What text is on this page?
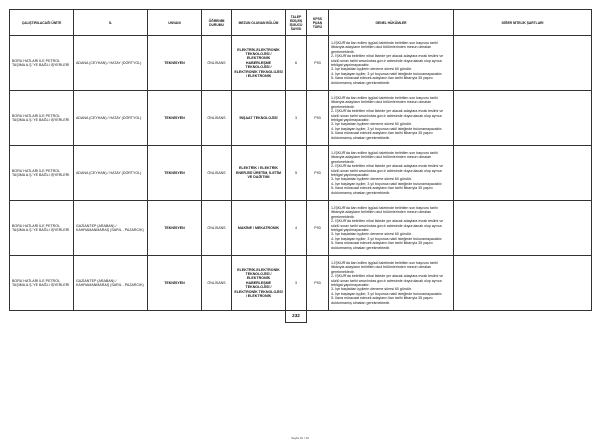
ÇALIŞTIRILACAĞI ÜNİTE	İL	UNVANI	ÖĞRENİM DURUMU	MEZUN OLUNAN BÖLÜM	TALEP EDİLEN İŞGÜCÜ SAYISI	KPSS PUAN TÜRÜ	GENEL HÜKÜMLER	DİĞER NİTELİK ŞARTLARI
BORU HATLARI İLE PETROL TAŞIMA A.Ş.'YE BAĞLI İŞYERLERİ	ADANA (CEYHAN) / HATAY (DÖRTYOL)	TEKNİSYEN	ÖNLİSANS	ELEKTRİK-ELEKTRONİK TEKNOLOJİSİ / ELEKTRONİK HABERLEŞME TEKNOLOJİSİ / ELEKTRONİK TEKNOLOJİSİ / ELEKTRONİK	6	P93	1-İŞKUR'da ilan edilen işgücü talebinde belirtilen son başvuru tarihi itibarıyla adayların belirtilen okul bölümlerinden mezun olmaları gerekmektedir.
2- İŞKUR'da belirtilen nihai listede yer alacak adaylara evrak teslimi ve sözlü sınav tarihi www.botas.gov.tr adresinde duyurulacak olup ayrıca tebligat yapılmayacaktır.
3- İşe başlatılan işçilerin deneme süresi 60 gündür.
4- İşe başlayan işçiler, 3 yıl boyunca nakil isteğinde bulunamayacaktır.
5- İlana müracaat edecek adayların ilan tarihi itibarıyla 35 yaşını doldurmamış olmaları gerekmektedir.	

BORU HATLARI İLE PETROL TAŞIMA A.Ş.'YE BAĞLI İŞYERLERİ	ADANA (CEYHAN) / HATAY (DÖRTYOL)	TEKNİSYEN	ÖNLİSANS	İNŞAAT TEKNOLOJİSİ	3	P93	1-İŞKUR'da ilan edilen işgücü talebinde belirtilen son başvuru tarihi itibarıyla adayların belirtilen okul bölümlerinden mezun olmaları gerekmektedir.
2- İŞKUR'da belirtilen nihai listede yer alacak adaylara evrak teslimi ve sözlü sınav tarihi www.botas.gov.tr adresinde duyurulacak olup ayrıca tebligat yapılmayacaktır.
3- İşe başlatılan işçilerin deneme süresi 60 gündür.
4- İşe başlayan işçiler, 3 yıl boyunca nakil isteğinde bulunamayacaktır.
5- İlana müracaat edecek adayların ilan tarihi itibarıyla 35 yaşını doldurmamış olmaları gerekmektedir.	

BORU HATLARI İLE PETROL TAŞIMA A.Ş.'YE BAĞLI İŞYERLERİ	ADANA (CEYHAN) / HATAY (DÖRTYOL)	TEKNİSYEN	ÖNLİSANS	ELEKTRİK / ELEKTRİK ENERJİSİ ÜRETİM, İLETİM VE DAĞITIMI	5	P93	1-İŞKUR'da ilan edilen işgücü talebinde belirtilen son başvuru tarihi itibarıyla adayların belirtilen okul bölümlerinden mezun olmaları gerekmektedir.
2- İŞKUR'da belirtilen nihai listede yer alacak adaylara evrak teslimi ve sözlü sınav tarihi www.botas.gov.tr adresinde duyurulacak olup ayrıca tebligat yapılmayacaktır.
3- İşe başlatılan işçilerin deneme süresi 60 gündür.
4- İşe başlayan işçiler, 3 yıl boyunca nakil isteğinde bulunamayacaktır.
5- İlana müracaat edecek adayların ilan tarihi itibarıyla 35 yaşını doldurmamış olmaları gerekmektedir.	

BORU HATLARI İLE PETROL TAŞIMA A.Ş.'YE BAĞLI İŞYERLERİ	GAZİANTEP (ARABAN) / KAHRAMANMARAŞ (SARIL - PAZARCIK)	TEKNİSYEN	ÖNLİSANS	MAKİNE / MEKATRONİK	4	P93	1-İŞKUR'da ilan edilen işgücü talebinde belirtilen son başvuru tarihi itibarıyla adayların belirtilen okul bölümlerinden mezun olmaları gerekmektedir.
2- İŞKUR'da belirtilen nihai listede yer alacak adaylara evrak teslimi ve sözlü sınav tarihi www.botas.gov.tr adresinde duyurulacak olup ayrıca tebligat yapılmayacaktır.
3- İşe başlatılan işçilerin deneme süresi 60 gündür.
4- İşe başlayan işçiler, 3 yıl boyunca nakil isteğinde bulunamayacaktır.
5- İlana müracaat edecek adayların ilan tarihi itibarıyla 35 yaşını doldurmamış olmaları gerekmektedir.	

BORU HATLARI İLE PETROL TAŞIMA A.Ş.'YE BAĞLI İŞYERLERİ	GAZİANTEP (ARABAN) / KAHRAMANMARAŞ (SARIL - PAZARCIK)	TEKNİSYEN	ÖNLİSANS	ELEKTRİK-ELEKTRONİK TEKNOLOJİSİ / ELEKTRONİK HABERLEŞME TEKNOLOJİSİ / ELEKTRONİK TEKNOLOJİSİ / ELEKTRONİK	3	P93	1-İŞKUR'da ilan edilen işgücü talebinde belirtilen son başvuru tarihi itibarıyla adayların belirtilen okul bölümlerinden mezun olmaları gerekmektedir.
2- İŞKUR'da belirtilen nihai listede yer alacak adaylara evrak teslimi ve sözlü sınav tarihi www.botas.gov.tr adresinde duyurulacak olup ayrıca tebligat yapılmayacaktır.
3- İşe başlatılan işçilerin deneme süresi 60 gündür.
4- İşe başlayan işçiler, 3 yıl boyunca nakil isteğinde bulunamayacaktır.
5- İlana müracaat edecek adayların ilan tarihi itibarıyla 35 yaşını doldurmamış olmaları gerekmektedir.	

					232			
Sayfa 10 / 10
